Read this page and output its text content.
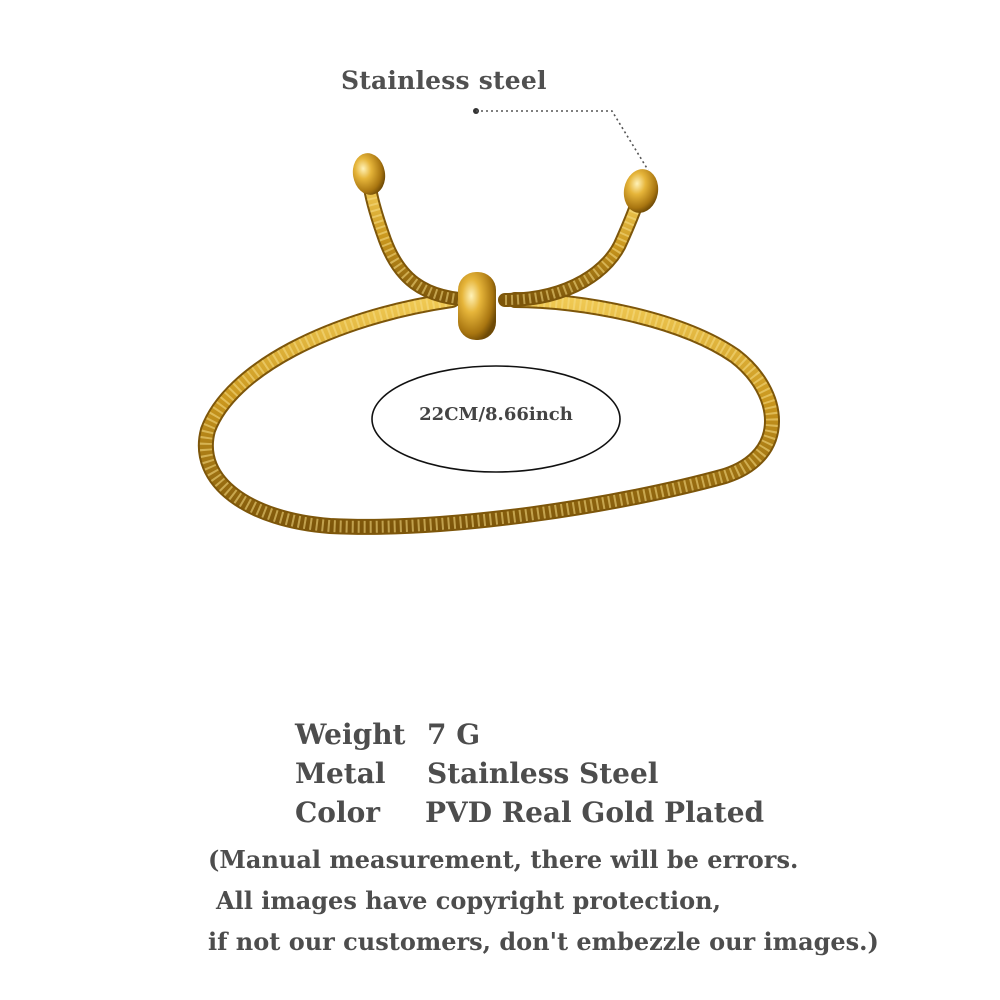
Stainless steel
22CM/8.66inch
Weight 7 G
Metal Stainless Steel
Color PVD Real Gold Plated
(Manual measurement, there will be errors.
All images have copyright protection,
if not our customers, don't embezzle our images.)
